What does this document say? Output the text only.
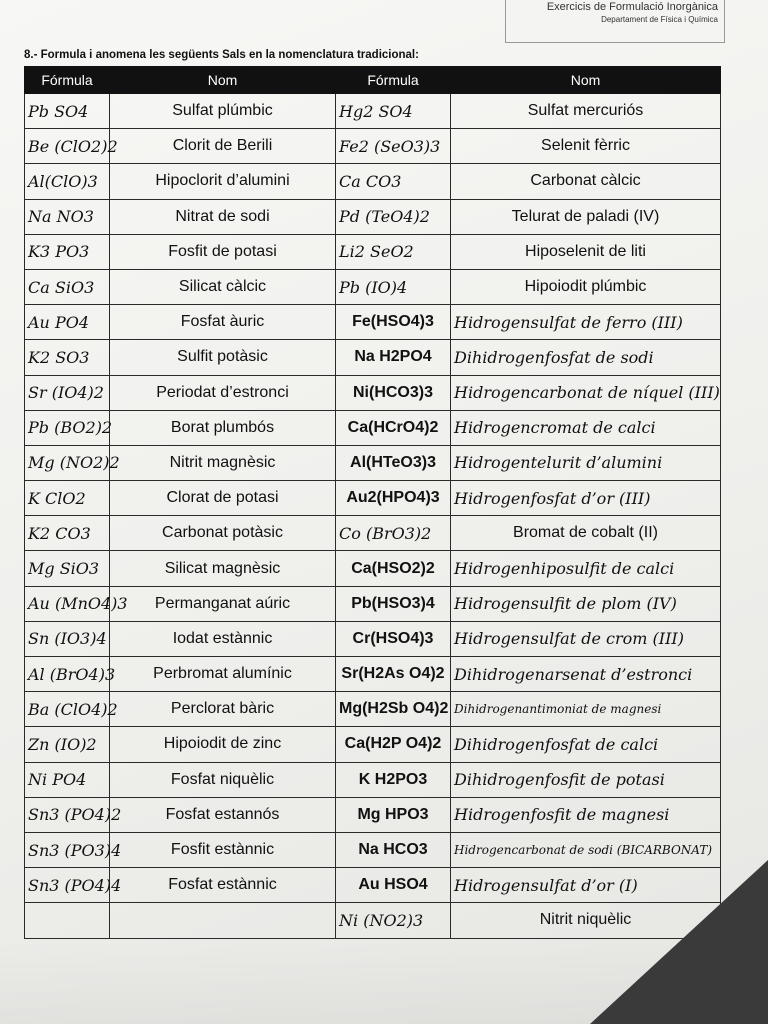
Exercicis de Formulació Inorgànica
Departament de Física i Química
8.- Formula i anomena les següents Sals en la nomenclatura tradicional:
Fórmula	Nom	Fórmula	Nom
Pb SO4	Sulfat plúmbic	Hg2 SO4	Sulfat mercuriós
Be (ClO2)2	Clorit de Berili	Fe2 (SeO3)3	Selenit fèrric
Al(ClO)3	Hipoclorit d’alumini	Ca CO3	Carbonat càlcic
Na NO3	Nitrat de sodi	Pd (TeO4)2	Telurat de paladi (IV)
K3 PO3	Fosfit de potasi	Li2 SeO2	Hiposelenit de liti
Ca SiO3	Silicat càlcic	Pb (IO)4	Hipoiodit plúmbic
Au PO4	Fosfat àuric	Fe(HSO4)3	Hidrogensulfat de ferro (III)
K2 SO3	Sulfit potàsic	Na H2PO4	Dihidrogenfosfat de sodi
Sr (IO4)2	Periodat d’estronci	Ni(HCO3)3	Hidrogencarbonat de níquel (III)
Pb (BO2)2	Borat plumbós	Ca(HCrO4)2	Hidrogencromat de calci
Mg (NO2)2	Nitrit magnèsic	Al(HTeO3)3	Hidrogentelurit d’alumini
K ClO2	Clorat de potasi	Au2(HPO4)3	Hidrogenfosfat d’or (III)
K2 CO3	Carbonat potàsic	Co (BrO3)2	Bromat de cobalt (II)
Mg SiO3	Silicat magnèsic	Ca(HSO2)2	Hidrogenhiposulfit de calci
Au (MnO4)3	Permanganat aúric	Pb(HSO3)4	Hidrogensulfit de plom (IV)
Sn (IO3)4	Iodat estànnic	Cr(HSO4)3	Hidrogensulfat de crom (III)
Al (BrO4)3	Perbromat alumínic	Sr(H2As O4)2	Dihidrogenarsenat d’estronci
Ba (ClO4)2	Perclorat bàric	Mg(H2Sb O4)2	Dihidrogenantimoniat de magnesi
Zn (IO)2	Hipoiodit de zinc	Ca(H2P O4)2	Dihidrogenfosfat de calci
Ni PO4	Fosfat niquèlic	K H2PO3	Dihidrogenfosfit de potasi
Sn3 (PO4)2	Fosfat estannós	Mg HPO3	Hidrogenfosfit de magnesi
Sn3 (PO3)4	Fosfit estànnic	Na HCO3	Hidrogencarbonat de sodi (BICARBONAT)
Sn3 (PO4)4	Fosfat estànnic	Au HSO4	Hidrogensulfat d’or (I)
		Ni (NO2)3	Nitrit niquèlic
